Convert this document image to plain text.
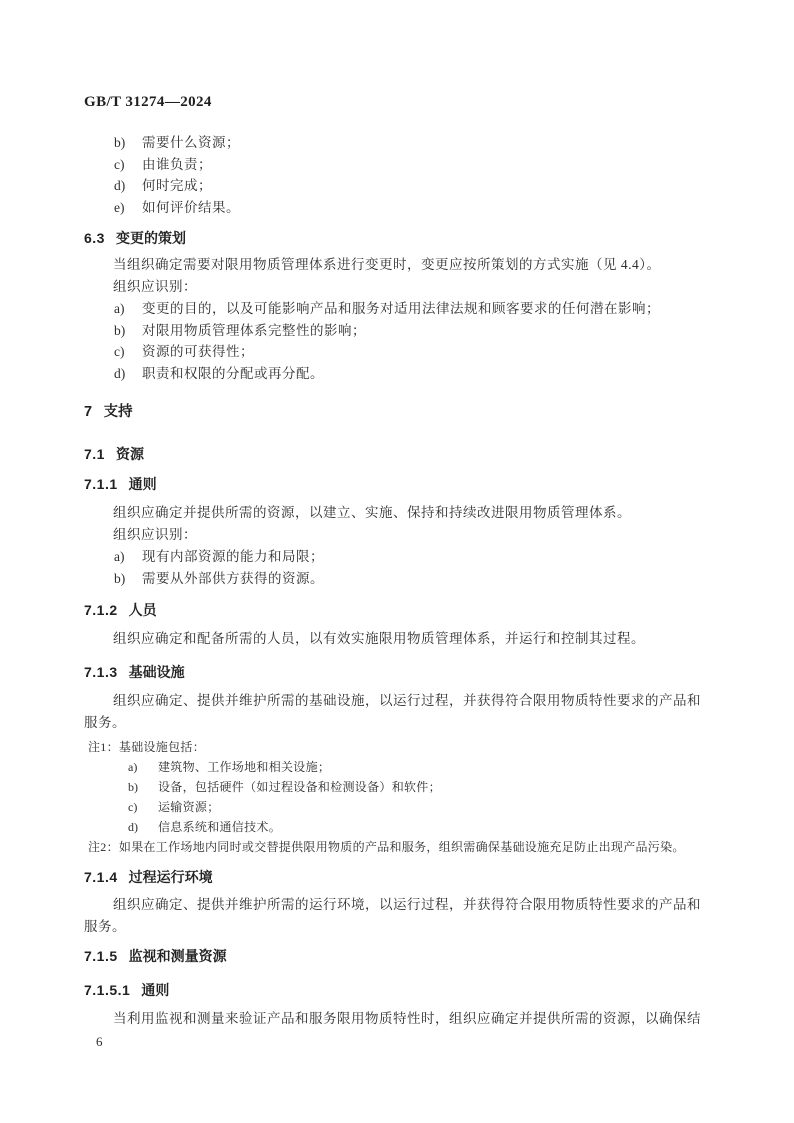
GB/T 31274—2024
b)	需要什么资源；
c)	由谁负责；
d)	何时完成；
e)	如何评价结果。
6.3 变更的策划

当组织确定需要对限用物质管理体系进行变更时，变更应按所策划的方式实施（见 4.4）。

组织应识别：

a)	变更的目的，以及可能影响产品和服务对适用法律法规和顾客要求的任何潜在影响；
b)	对限用物质管理体系完整性的影响；
c)	资源的可获得性；
d)	职责和权限的分配或再分配。
7 支持
7.1 资源
7.1.1 通则

组织应确定并提供所需的资源，以建立、实施、保持和持续改进限用物质管理体系。

组织应识别：

a)	现有内部资源的能力和局限；
b)	需要从外部供方获得的资源。
7.1.2 人员

组织应确定和配备所需的人员，以有效实施限用物质管理体系，并运行和控制其过程。

7.1.3 基础设施

组织应确定、提供并维护所需的基础设施，以运行过程，并获得符合限用物质特性要求的产品和服务。

注1： 基础设施包括：
a)	建筑物、工作场地和相关设施；
b)	设备，包括硬件（如过程设备和检测设备）和软件；
c)	运输资源；
d)	信息系统和通信技术。
注2： 如果在工作场地内同时或交替提供限用物质的产品和服务，组织需确保基础设施充足防止出现产品污染。
7.1.4 过程运行环境

组织应确定、提供并维护所需的运行环境，以运行过程，并获得符合限用物质特性要求的产品和服务。

7.1.5 监视和测量资源
7.1.5.1 通则

当利用监视和测量来验证产品和服务限用物质特性时，组织应确定并提供所需的资源，以确保结

6
